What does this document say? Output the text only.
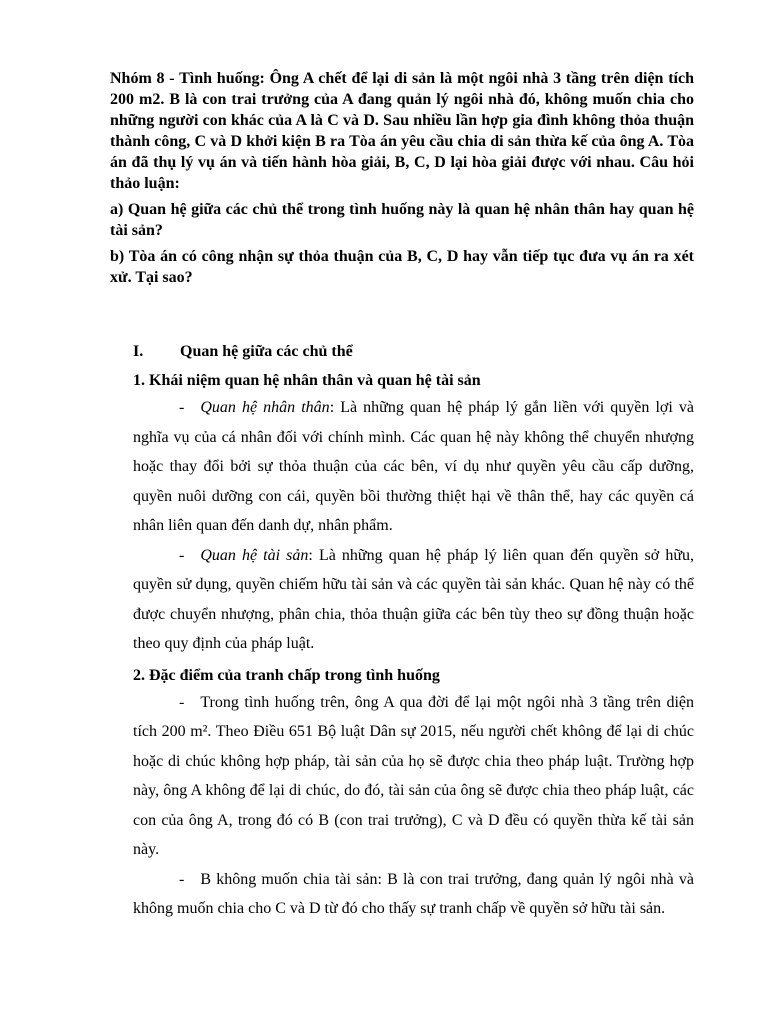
Nhóm 8 - Tình huống: Ông A chết để lại di sản là một ngôi nhà 3 tầng trên diện tích 200 m2. B là con trai trưởng của A đang quản lý ngôi nhà đó, không muốn chia cho những người con khác của A là C và D. Sau nhiều lần hợp gia đình không thỏa thuận thành công, C và D khởi kiện B ra Tòa án yêu cầu chia di sản thừa kế của ông A. Tòa án đã thụ lý vụ án và tiến hành hòa giải, B, C, D lại hòa giải được với nhau. Câu hỏi thảo luận:

a) Quan hệ giữa các chủ thể trong tình huống này là quan hệ nhân thân hay quan hệ tài sản?

b) Tòa án có công nhận sự thỏa thuận của B, C, D hay vẫn tiếp tục đưa vụ án ra xét xử. Tại sao?

I. Quan hệ giữa các chủ thể
1. Khái niệm quan hệ nhân thân và quan hệ tài sản

- Quan hệ nhân thân: Là những quan hệ pháp lý gắn liền với quyền lợi và nghĩa vụ của cá nhân đối với chính mình. Các quan hệ này không thể chuyển nhượng hoặc thay đổi bởi sự thỏa thuận của các bên, ví dụ như quyền yêu cầu cấp dưỡng, quyền nuôi dưỡng con cái, quyền bồi thường thiệt hại về thân thể, hay các quyền cá nhân liên quan đến danh dự, nhân phẩm.

- Quan hệ tài sản: Là những quan hệ pháp lý liên quan đến quyền sở hữu, quyền sử dụng, quyền chiếm hữu tài sản và các quyền tài sản khác. Quan hệ này có thể được chuyển nhượng, phân chia, thỏa thuận giữa các bên tùy theo sự đồng thuận hoặc theo quy định của pháp luật.

2. Đặc điểm của tranh chấp trong tình huống

- Trong tình huống trên, ông A qua đời để lại một ngôi nhà 3 tầng trên diện tích 200 m². Theo Điều 651 Bộ luật Dân sự 2015, nếu người chết không để lại di chúc hoặc di chúc không hợp pháp, tài sản của họ sẽ được chia theo pháp luật. Trường hợp này, ông A không để lại di chúc, do đó, tài sản của ông sẽ được chia theo pháp luật, các con của ông A, trong đó có B (con trai trưởng), C và D đều có quyền thừa kế tài sản này.

- B không muốn chia tài sản: B là con trai trưởng, đang quản lý ngôi nhà và không muốn chia cho C và D từ đó cho thấy sự tranh chấp về quyền sở hữu tài sản.
